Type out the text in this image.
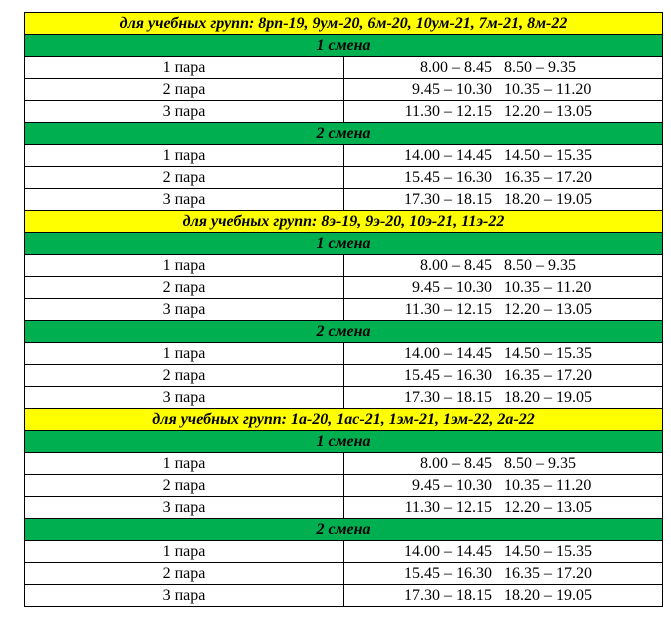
для учебных групп: 8рп-19, 9ум-20, 6м-20, 10ум-21, 7м-21, 8м-22	
1 смена	
1 пара	8.00 – 8.45 8.50 – 9.35
2 пара	9.45 – 10.30 10.35 – 11.20
3 пара	11.30 – 12.15 12.20 – 13.05
2 смена	
1 пара	14.00 – 14.45 14.50 – 15.35
2 пара	15.45 – 16.30 16.35 – 17.20
3 пара	17.30 – 18.15 18.20 – 19.05
для учебных групп: 8э-19, 9э-20, 10э-21, 11э-22	
1 смена	
1 пара	8.00 – 8.45 8.50 – 9.35
2 пара	9.45 – 10.30 10.35 – 11.20
3 пара	11.30 – 12.15 12.20 – 13.05
2 смена	
1 пара	14.00 – 14.45 14.50 – 15.35
2 пара	15.45 – 16.30 16.35 – 17.20
3 пара	17.30 – 18.15 18.20 – 19.05
для учебных групп: 1а-20, 1ас-21, 1эм-21, 1эм-22, 2а-22	
1 смена	
1 пара	8.00 – 8.45 8.50 – 9.35
2 пара	9.45 – 10.30 10.35 – 11.20
3 пара	11.30 – 12.15 12.20 – 13.05
2 смена	
1 пара	14.00 – 14.45 14.50 – 15.35
2 пара	15.45 – 16.30 16.35 – 17.20
3 пара	17.30 – 18.15 18.20 – 19.05
